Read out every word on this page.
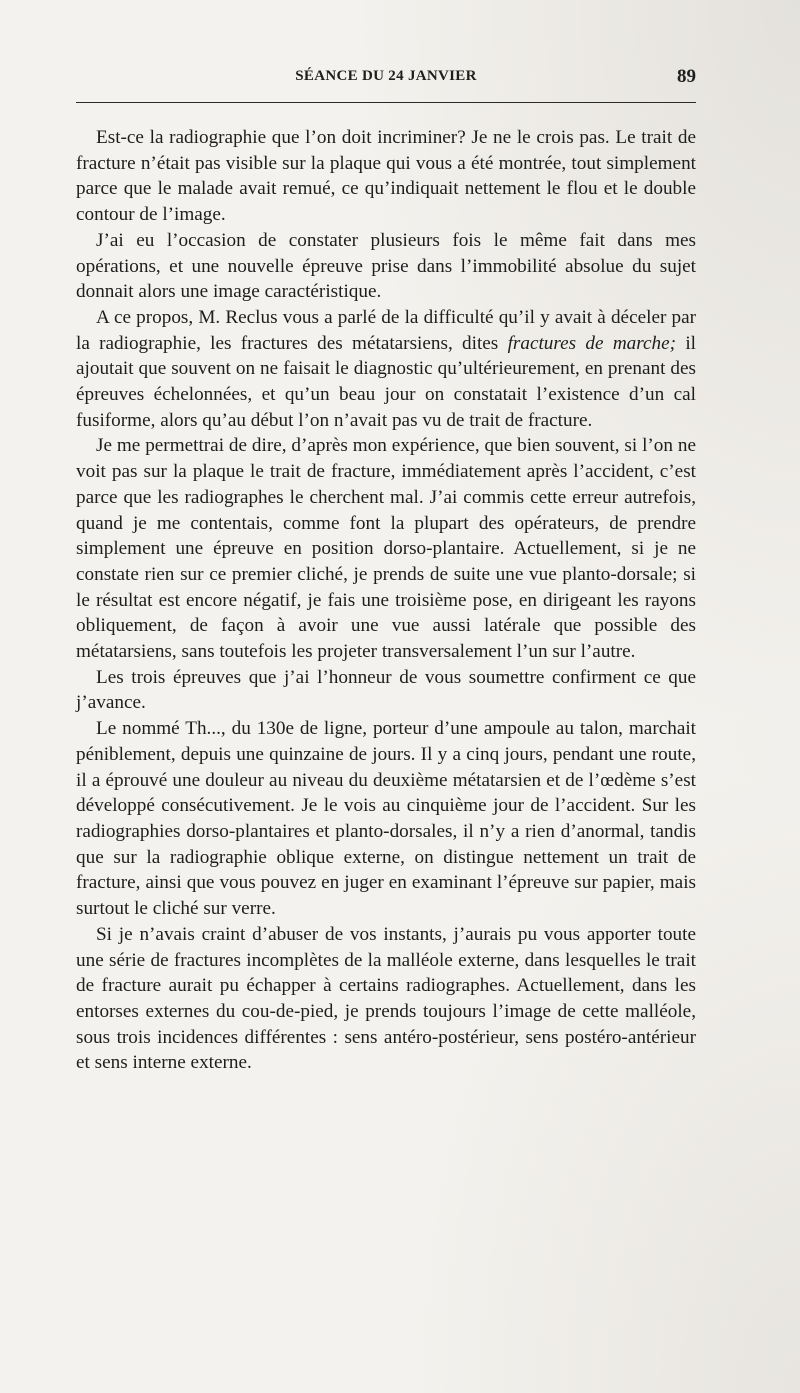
SÉANCE DU 24 JANVIER	89

Est-ce la radiographie que l’on doit incriminer? Je ne le crois pas. Le trait de fracture n’était pas visible sur la plaque qui vous a été montrée, tout simplement parce que le malade avait remué, ce qu’indiquait nettement le flou et le double contour de l’image.

J’ai eu l’occasion de constater plusieurs fois le même fait dans mes opérations, et une nouvelle épreuve prise dans l’immobilité absolue du sujet donnait alors une image caractéristique.

A ce propos, M. Reclus vous a parlé de la difficulté qu’il y avait à déceler par la radiographie, les fractures des métatarsiens, dites fractures de marche; il ajoutait que souvent on ne faisait le diagnostic qu’ultérieurement, en prenant des épreuves échelonnées, et qu’un beau jour on constatait l’existence d’un cal fusiforme, alors qu’au début l’on n’avait pas vu de trait de fracture.

Je me permettrai de dire, d’après mon expérience, que bien souvent, si l’on ne voit pas sur la plaque le trait de fracture, immédiatement après l’accident, c’est parce que les radiographes le cherchent mal. J’ai commis cette erreur autrefois, quand je me contentais, comme font la plupart des opérateurs, de prendre simplement une épreuve en position dorso-plantaire. Actuellement, si je ne constate rien sur ce premier cliché, je prends de suite une vue planto-dorsale; si le résultat est encore négatif, je fais une troisième pose, en dirigeant les rayons obliquement, de façon à avoir une vue aussi latérale que possible des métatarsiens, sans toutefois les projeter transversalement l’un sur l’autre.

Les trois épreuves que j’ai l’honneur de vous soumettre confirment ce que j’avance.

Le nommé Th..., du 130e de ligne, porteur d’une ampoule au talon, marchait péniblement, depuis une quinzaine de jours. Il y a cinq jours, pendant une route, il a éprouvé une douleur au niveau du deuxième métatarsien et de l’œdème s’est développé consécutivement. Je le vois au cinquième jour de l’accident. Sur les radiographies dorso-plantaires et planto-dorsales, il n’y a rien d’anormal, tandis que sur la radiographie oblique externe, on distingue nettement un trait de fracture, ainsi que vous pouvez en juger en examinant l’épreuve sur papier, mais surtout le cliché sur verre.

Si je n’avais craint d’abuser de vos instants, j’aurais pu vous apporter toute une série de fractures incomplètes de la malléole externe, dans lesquelles le trait de fracture aurait pu échapper à certains radiographes. Actuellement, dans les entorses externes du cou-de-pied, je prends toujours l’image de cette malléole, sous trois incidences différentes : sens antéro-postérieur, sens postéro-antérieur et sens interne externe.
